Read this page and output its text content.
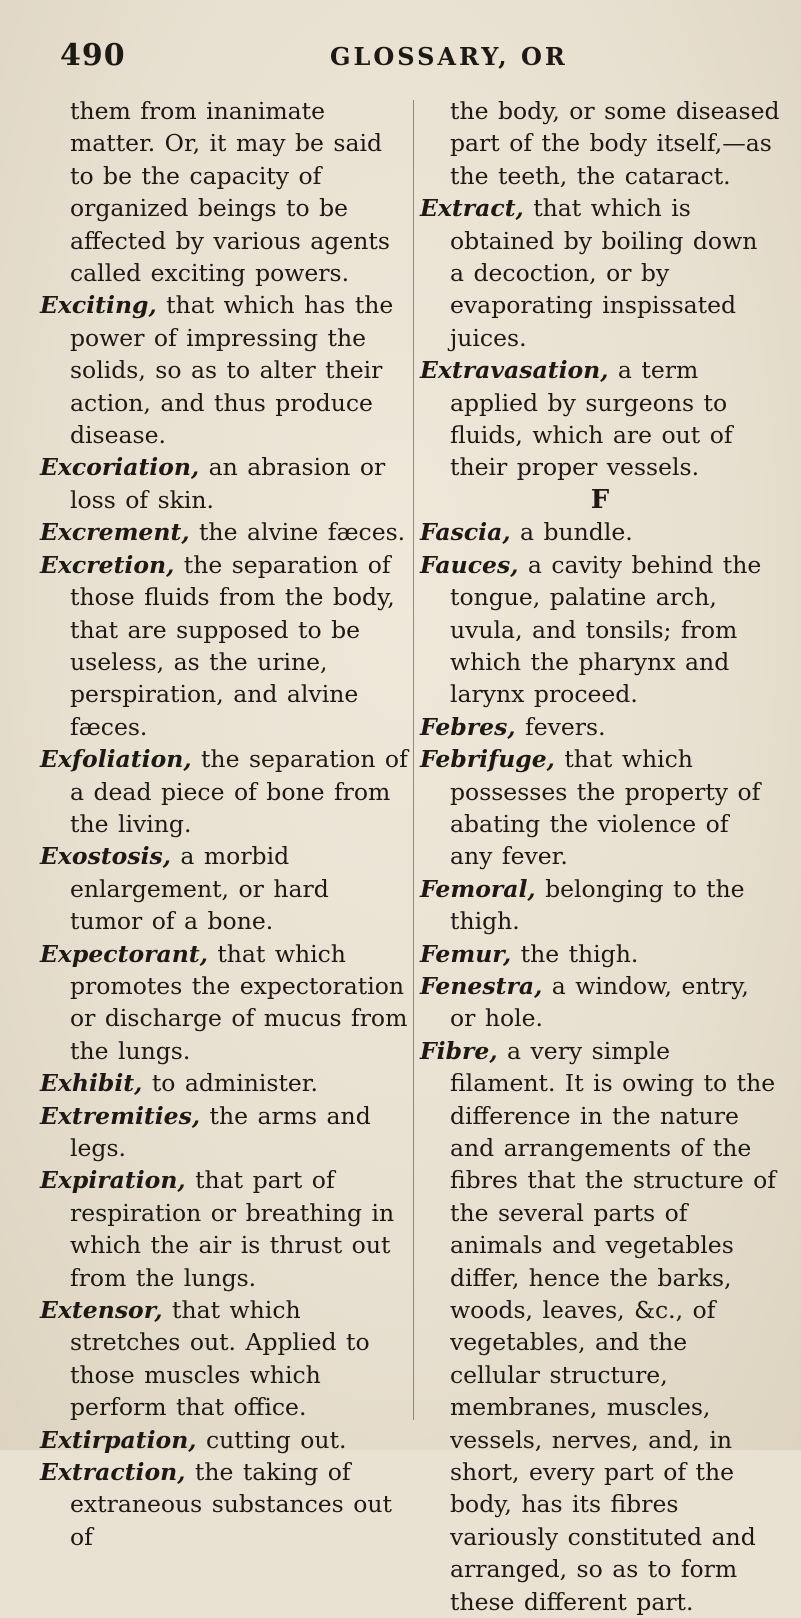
490	GLOSSARY, OR

them from inanimate matter. Or, it may be said to be the capacity of organized beings to be affected by various agents called exciting powers.

Exciting, that which has the power of impressing the solids, so as to alter their action, and thus produce disease.

Excoriation, an abrasion or loss of skin.

Excrement, the alvine fæces.

Excretion, the separation of those fluids from the body, that are supposed to be useless, as the urine, perspiration, and alvine fæces.

Exfoliation, the separation of a dead piece of bone from the living.

Exostosis, a morbid enlargement, or hard tumor of a bone.

Expectorant, that which promotes the expectoration or discharge of mucus from the lungs.

Exhibit, to administer.

Extremities, the arms and legs.

Expiration, that part of respiration or breathing in which the air is thrust out from the lungs.

Extensor, that which stretches out. Applied to those muscles which perform that office.

Extirpation, cutting out.

Extraction, the taking of extraneous substances out of

the body, or some diseased part of the body itself,—as the teeth, the cataract.

Extract, that which is obtained by boiling down a decoction, or by evaporating inspissated juices.

Extravasation, a term applied by surgeons to fluids, which are out of their proper vessels.

F

Fascia, a bundle.

Fauces, a cavity behind the tongue, palatine arch, uvula, and tonsils; from which the pharynx and larynx proceed.

Febres, fevers.

Febrifuge, that which possesses the property of abating the violence of any fever.

Femoral, belonging to the thigh.

Femur, the thigh.

Fenestra, a window, entry, or hole.

Fibre, a very simple filament. It is owing to the difference in the nature and arrangements of the fibres that the structure of the several parts of animals and vegetables differ, hence the barks, woods, leaves, &c., of vegetables, and the cellular structure, membranes, muscles, vessels, nerves, and, in short, every part of the body, has its fibres variously constituted and arranged, so as to form these different part.
